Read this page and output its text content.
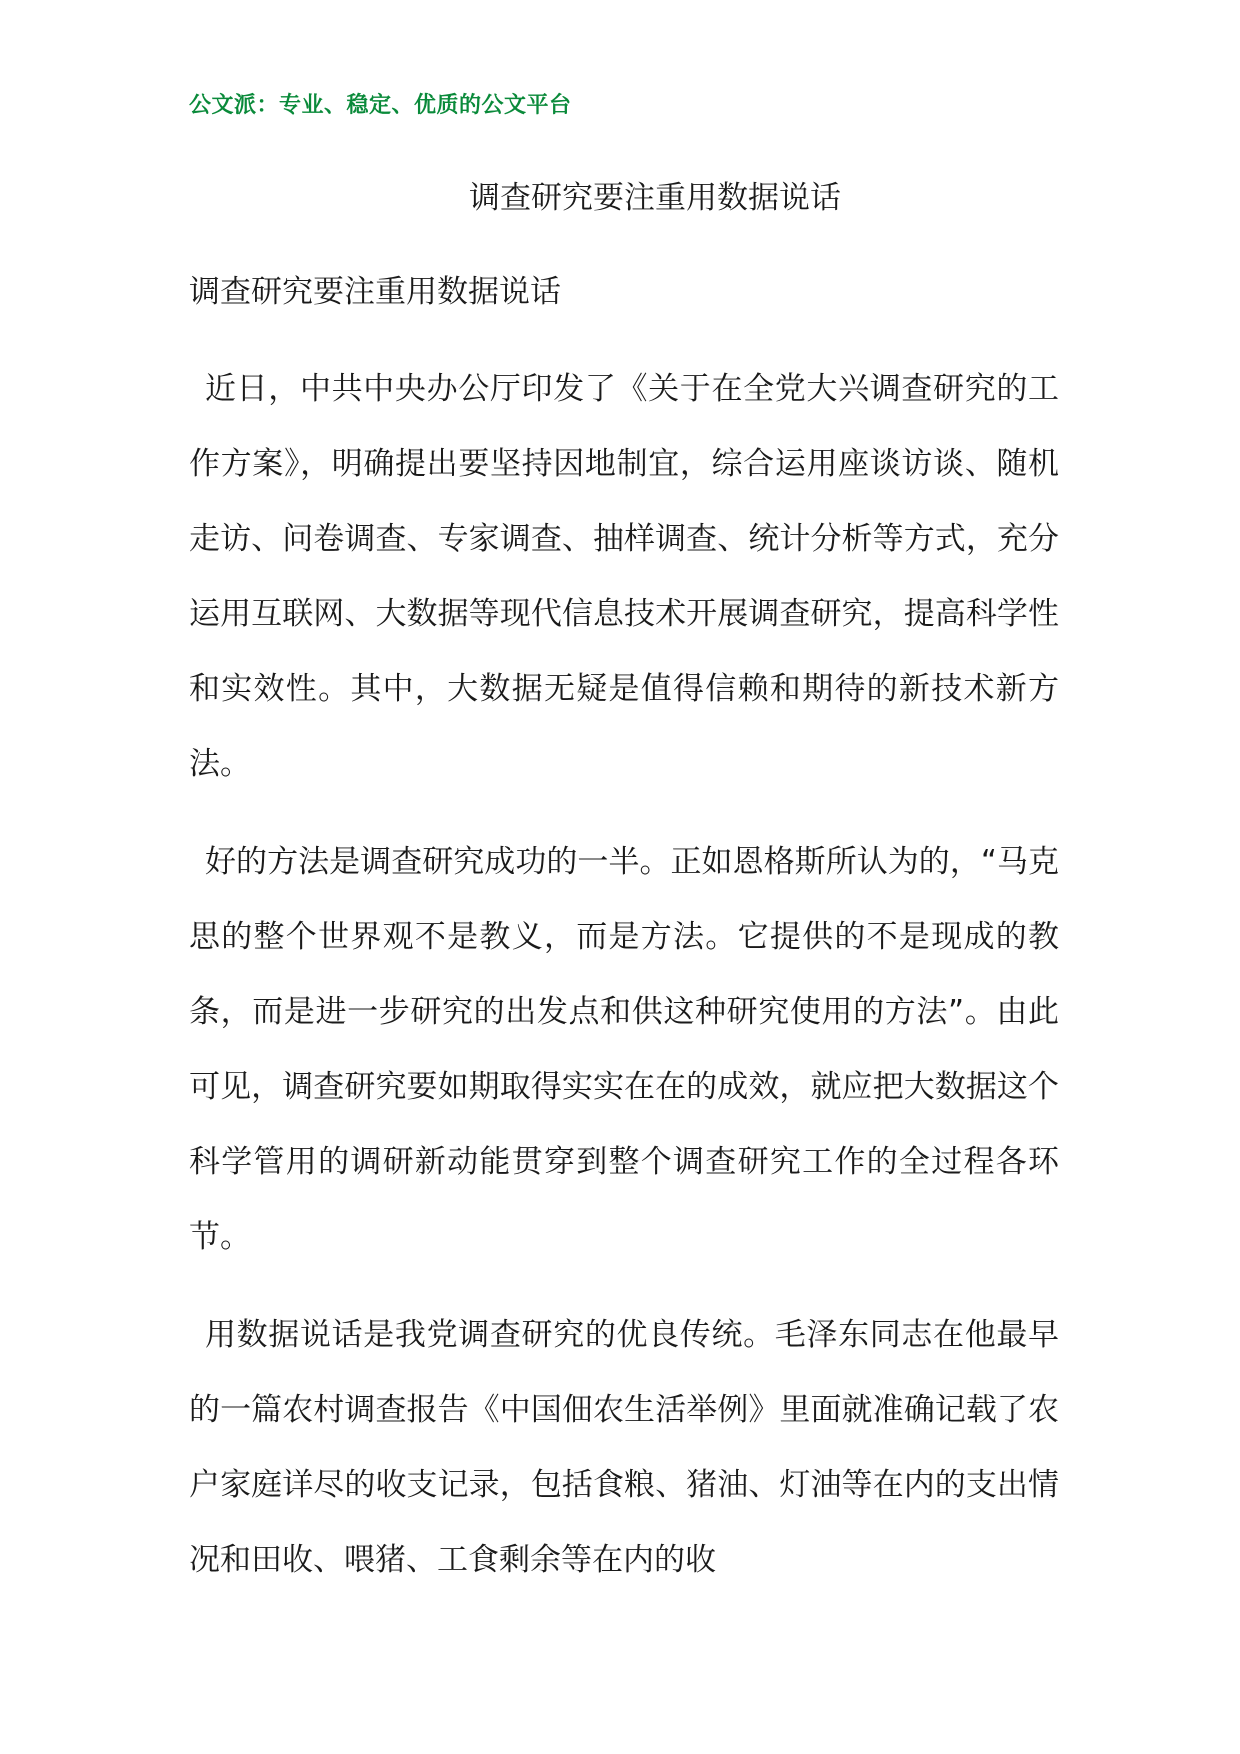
公文派：专业、稳定、优质的公文平台
调查研究要注重用数据说话
调查研究要注重用数据说话

近日，中共中央办公厅印发了《关于在全党大兴调查研究的工作方案》，明确提出要坚持因地制宜，综合运用座谈访谈、随机走访、问卷调查、专家调查、抽样调查、统计分析等方式，充分运用互联网、大数据等现代信息技术开展调查研究，提高科学性和实效性。其中，大数据无疑是值得信赖和期待的新技术新方法。

好的方法是调查研究成功的一半。正如恩格斯所认为的，“马克思的整个世界观不是教义，而是方法。它提供的不是现成的教条，而是进一步研究的出发点和供这种研究使用的方法”。由此可见，调查研究要如期取得实实在在的成效，就应把大数据这个科学管用的调研新动能贯穿到整个调查研究工作的全过程各环节。

用数据说话是我党调查研究的优良传统。毛泽东同志在他最早的一篇农村调查报告《中国佃农生活举例》里面就准确记载了农户家庭详尽的收支记录，包括食粮、猪油、灯油等在内的支出情况和田收、喂猪、工食剩余等在内的收
